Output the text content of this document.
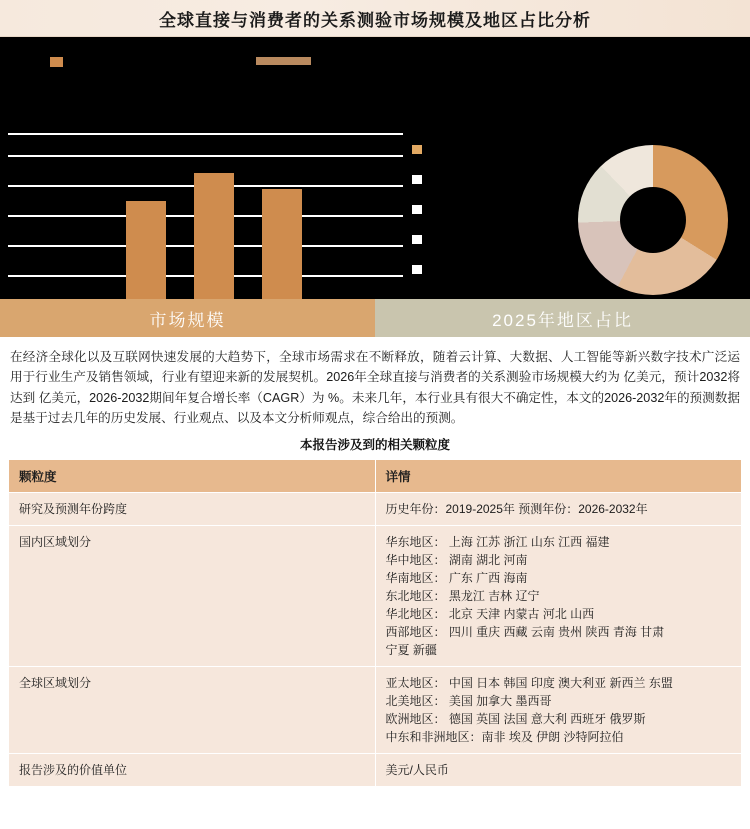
全球直接与消费者的关系测验市场规模及地区占比分析
市场规模	2025年地区占比
在经济全球化以及互联网快速发展的大趋势下，全球市场需求在不断释放，随着云计算、大数据、人工智能等新兴数字技术广泛运用于行业生产及销售领域，行业有望迎来新的发展契机。2026年全球直接与消费者的关系测验市场规模大约为 亿美元，预计2032将达到 亿美元，2026-2032期间年复合增长率（CAGR）为 %。未来几年，本行业具有很大不确定性，本文的2026-2032年的预测数据是基于过去几年的历史发展、行业观点、以及本文分析师观点，综合给出的预测。
本报告涉及到的相关颗粒度
颗粒度	详情
研究及预测年份跨度	历史年份：2019-2025年 预测年份：2026-2032年

国内区域划分	华东地区： 上海 江苏 浙江 山东 江西 福建
华中地区： 湖南 湖北 河南
华南地区： 广东 广西 海南
东北地区： 黑龙江 吉林 辽宁
华北地区： 北京 天津 内蒙古 河北 山西
西部地区： 四川 重庆 西藏 云南 贵州 陕西 青海 甘肃
宁夏 新疆

全球区域划分	亚太地区： 中国 日本 韩国 印度 澳大利亚 新西兰 东盟
北美地区： 美国 加拿大 墨西哥
欧洲地区： 德国 英国 法国 意大利 西班牙 俄罗斯
中东和非洲地区：南非 埃及 伊朗 沙特阿拉伯

报告涉及的价值单位	美元/人民币
